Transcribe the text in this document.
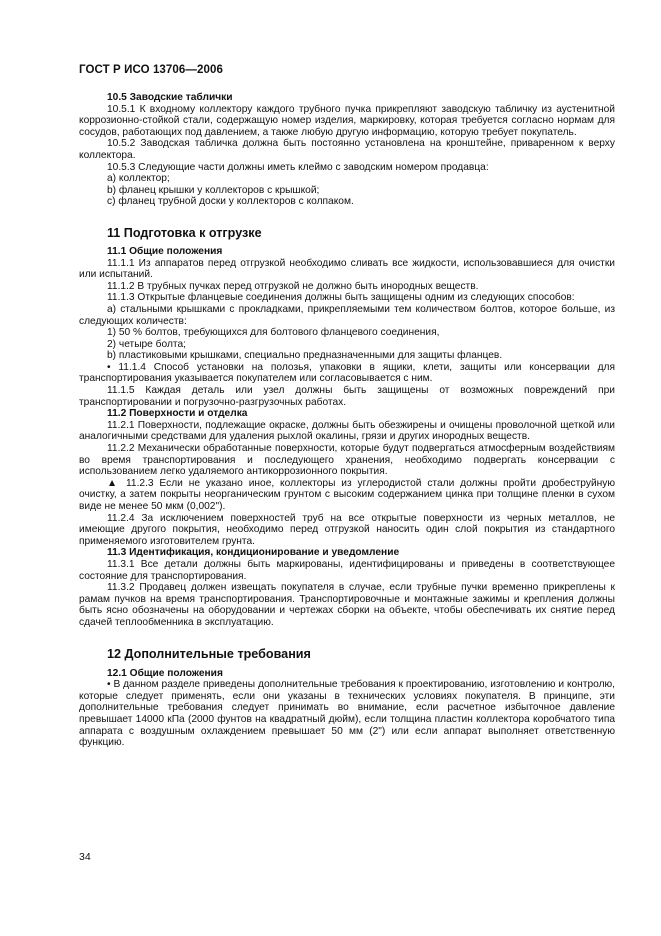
ГОСТ Р ИСО 13706—2006

10.5 Заводские таблички

10.5.1 К входному коллектору каждого трубного пучка прикрепляют заводскую табличку из аустенитной коррозионно-стойкой стали, содержащую номер изделия, маркировку, которая требуется согласно нормам для сосудов, работающих под давлением, а также любую другую информацию, которую требует покупатель.

10.5.2 Заводская табличка должна быть постоянно установлена на кронштейне, приваренном к верху коллектора.

10.5.3 Следующие части должны иметь клеймо с заводским номером продавца:

a) коллектор;

b) фланец крышки у коллекторов с крышкой;

c) фланец трубной доски у коллекторов с колпаком.

11 Подготовка к отгрузке

11.1 Общие положения

11.1.1 Из аппаратов перед отгрузкой необходимо сливать все жидкости, использовавшиеся для очистки или испытаний.

11.1.2 В трубных пучках перед отгрузкой не должно быть инородных веществ.

11.1.3 Открытые фланцевые соединения должны быть защищены одним из следующих способов:

a) стальными крышками с прокладками, прикрепляемыми тем количеством болтов, которое больше, из следующих количеств:

1) 50 % болтов, требующихся для болтового фланцевого соединения,

2) четыре болта;

b) пластиковыми крышками, специально предназначенными для защиты фланцев.

• 11.1.4 Способ установки на полозья, упаковки в ящики, клети, защиты или консервации для транспортирования указывается покупателем или согласовывается с ним.

11.1.5 Каждая деталь или узел должны быть защищены от возможных повреждений при транспортировании и погрузочно-разгрузочных работах.

11.2 Поверхности и отделка

11.2.1 Поверхности, подлежащие окраске, должны быть обезжирены и очищены проволочной щеткой или аналогичными средствами для удаления рыхлой окалины, грязи и других инородных веществ.

11.2.2 Механически обработанные поверхности, которые будут подвергаться атмосферным воздействиям во время транспортирования и последующего хранения, необходимо подвергать консервации с использованием легко удаляемого антикоррозионного покрытия.

▲ 11.2.3 Если не указано иное, коллекторы из углеродистой стали должны пройти дробеструйную очистку, а затем покрыты неорганическим грунтом с высоким содержанием цинка при толщине пленки в сухом виде не менее 50 мкм (0,002").

11.2.4 За исключением поверхностей труб на все открытые поверхности из черных металлов, не имеющие другого покрытия, необходимо перед отгрузкой наносить один слой покрытия из стандартного применяемого изготовителем грунта.

11.3 Идентификация, кондиционирование и уведомление

11.3.1 Все детали должны быть маркированы, идентифицированы и приведены в соответствующее состояние для транспортирования.

11.3.2 Продавец должен извещать покупателя в случае, если трубные пучки временно прикреплены к рамам пучков на время транспортирования. Транспортировочные и монтажные зажимы и крепления должны быть ясно обозначены на оборудовании и чертежах сборки на объекте, чтобы обеспечивать их снятие перед сдачей теплообменника в эксплуатацию.

12 Дополнительные требования

12.1 Общие положения

• В данном разделе приведены дополнительные требования к проектированию, изготовлению и контролю, которые следует применять, если они указаны в технических условиях покупателя. В принципе, эти дополнительные требования следует принимать во внимание, если расчетное избыточное давление превышает 14000 кПа (2000 фунтов на квадратный дюйм), если толщина пластин коллектора коробчатого типа аппарата с воздушным охлаждением превышает 50 мм (2") или если аппарат выполняет ответственную функцию.

34
